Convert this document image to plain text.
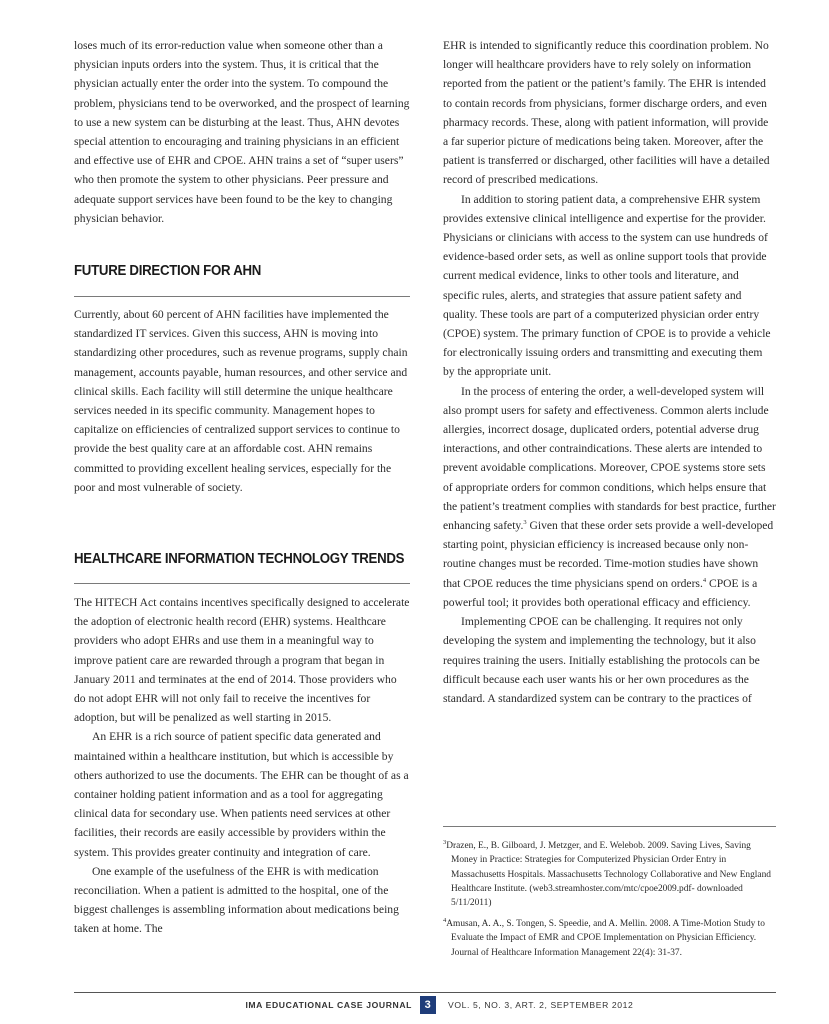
loses much of its error-reduction value when someone other than a physician inputs orders into the system. Thus, it is critical that the physician actually enter the order into the system. To compound the problem, physicians tend to be overworked, and the prospect of learning to use a new system can be disturbing at the least. Thus, AHN devotes special attention to encouraging and training physicians in an efficient and effective use of EHR and CPOE. AHN trains a set of “super users” who then promote the system to other physicians. Peer pressure and adequate support services have been found to be the key to changing physician behavior.

FUTURE DIRECTION FOR AHN

Currently, about 60 percent of AHN facilities have implemented the standardized IT services. Given this success, AHN is moving into standardizing other procedures, such as revenue programs, supply chain management, accounts payable, human resources, and other service and clinical skills. Each facility will still determine the unique healthcare services needed in its specific community. Management hopes to capitalize on efficiencies of centralized support services to continue to provide the best quality care at an affordable cost. AHN remains committed to providing excellent healing services, especially for the poor and most vulnerable of society.

HEALTHCARE INFORMATION TECHNOLOGY TRENDS

The HITECH Act contains incentives specifically designed to accelerate the adoption of electronic health record (EHR) systems. Healthcare providers who adopt EHRs and use them in a meaningful way to improve patient care are rewarded through a program that began in January 2011 and terminates at the end of 2014. Those providers who do not adopt EHR will not only fail to receive the incentives for adoption, but will be penalized as well starting in 2015.

An EHR is a rich source of patient specific data generated and maintained within a healthcare institution, but which is accessible by others authorized to use the documents. The EHR can be thought of as a container holding patient information and as a tool for aggregating clinical data for secondary use. When patients need services at other facilities, their records are easily accessible by providers within the system. This provides greater continuity and integration of care.

One example of the usefulness of the EHR is with medication reconciliation. When a patient is admitted to the hospital, one of the biggest challenges is assembling information about medications being taken at home. The

EHR is intended to significantly reduce this coordination problem. No longer will healthcare providers have to rely solely on information reported from the patient or the patient’s family. The EHR is intended to contain records from physicians, former discharge orders, and even pharmacy records. These, along with patient information, will provide a far superior picture of medications being taken. Moreover, after the patient is transferred or discharged, other facilities will have a detailed record of prescribed medications.

In addition to storing patient data, a comprehensive EHR system provides extensive clinical intelligence and expertise for the provider. Physicians or clinicians with access to the system can use hundreds of evidence-based order sets, as well as online support tools that provide current medical evidence, links to other tools and literature, and specific rules, alerts, and strategies that assure patient safety and quality. These tools are part of a computerized physician order entry (CPOE) system. The primary function of CPOE is to provide a vehicle for electronically issuing orders and transmitting and executing them by the appropriate unit.

In the process of entering the order, a well-developed system will also prompt users for safety and effectiveness. Common alerts include allergies, incorrect dosage, duplicated orders, potential adverse drug interactions, and other contraindications. These alerts are intended to prevent avoidable complications. Moreover, CPOE systems store sets of appropriate orders for common conditions, which helps ensure that the patient’s treatment complies with standards for best practice, further enhancing safety.$^3$ Given that these order sets provide a well-developed starting point, physician efficiency is increased because only non-routine changes must be recorded. Time-motion studies have shown that CPOE reduces the time physicians spend on orders.$^4$ CPOE is a powerful tool; it provides both operational efficacy and efficiency.

Implementing CPOE can be challenging. It requires not only developing the system and implementing the technology, but it also requires training the users. Initially establishing the protocols can be difficult because each user wants his or her own procedures as the standard. A standardized system can be contrary to the practices of

$^3$Drazen, E., B. Gilboard, J. Metzger, and E. Welebob. 2009. Saving Lives, Saving Money in Practice: Strategies for Computerized Physician Order Entry in Massachusetts Hospitals. Massachusetts Technology Collaborative and New England Healthcare Institute. (web3.streamhoster.com/mtc/cpoe2009.pdf- downloaded 5/11/2011)

$^4$Amusan, A. A., S. Tongen, S. Speedie, and A. Mellin. 2008. A Time-Motion Study to Evaluate the Impact of EMR and CPOE Implementation on Physician Efficiency. Journal of Healthcare Information Management 22(4): 31-37.

IMA EDUCATIONAL CASE JOURNAL	3	VOL. 5, NO. 3, ART. 2, SEPTEMBER 2012
